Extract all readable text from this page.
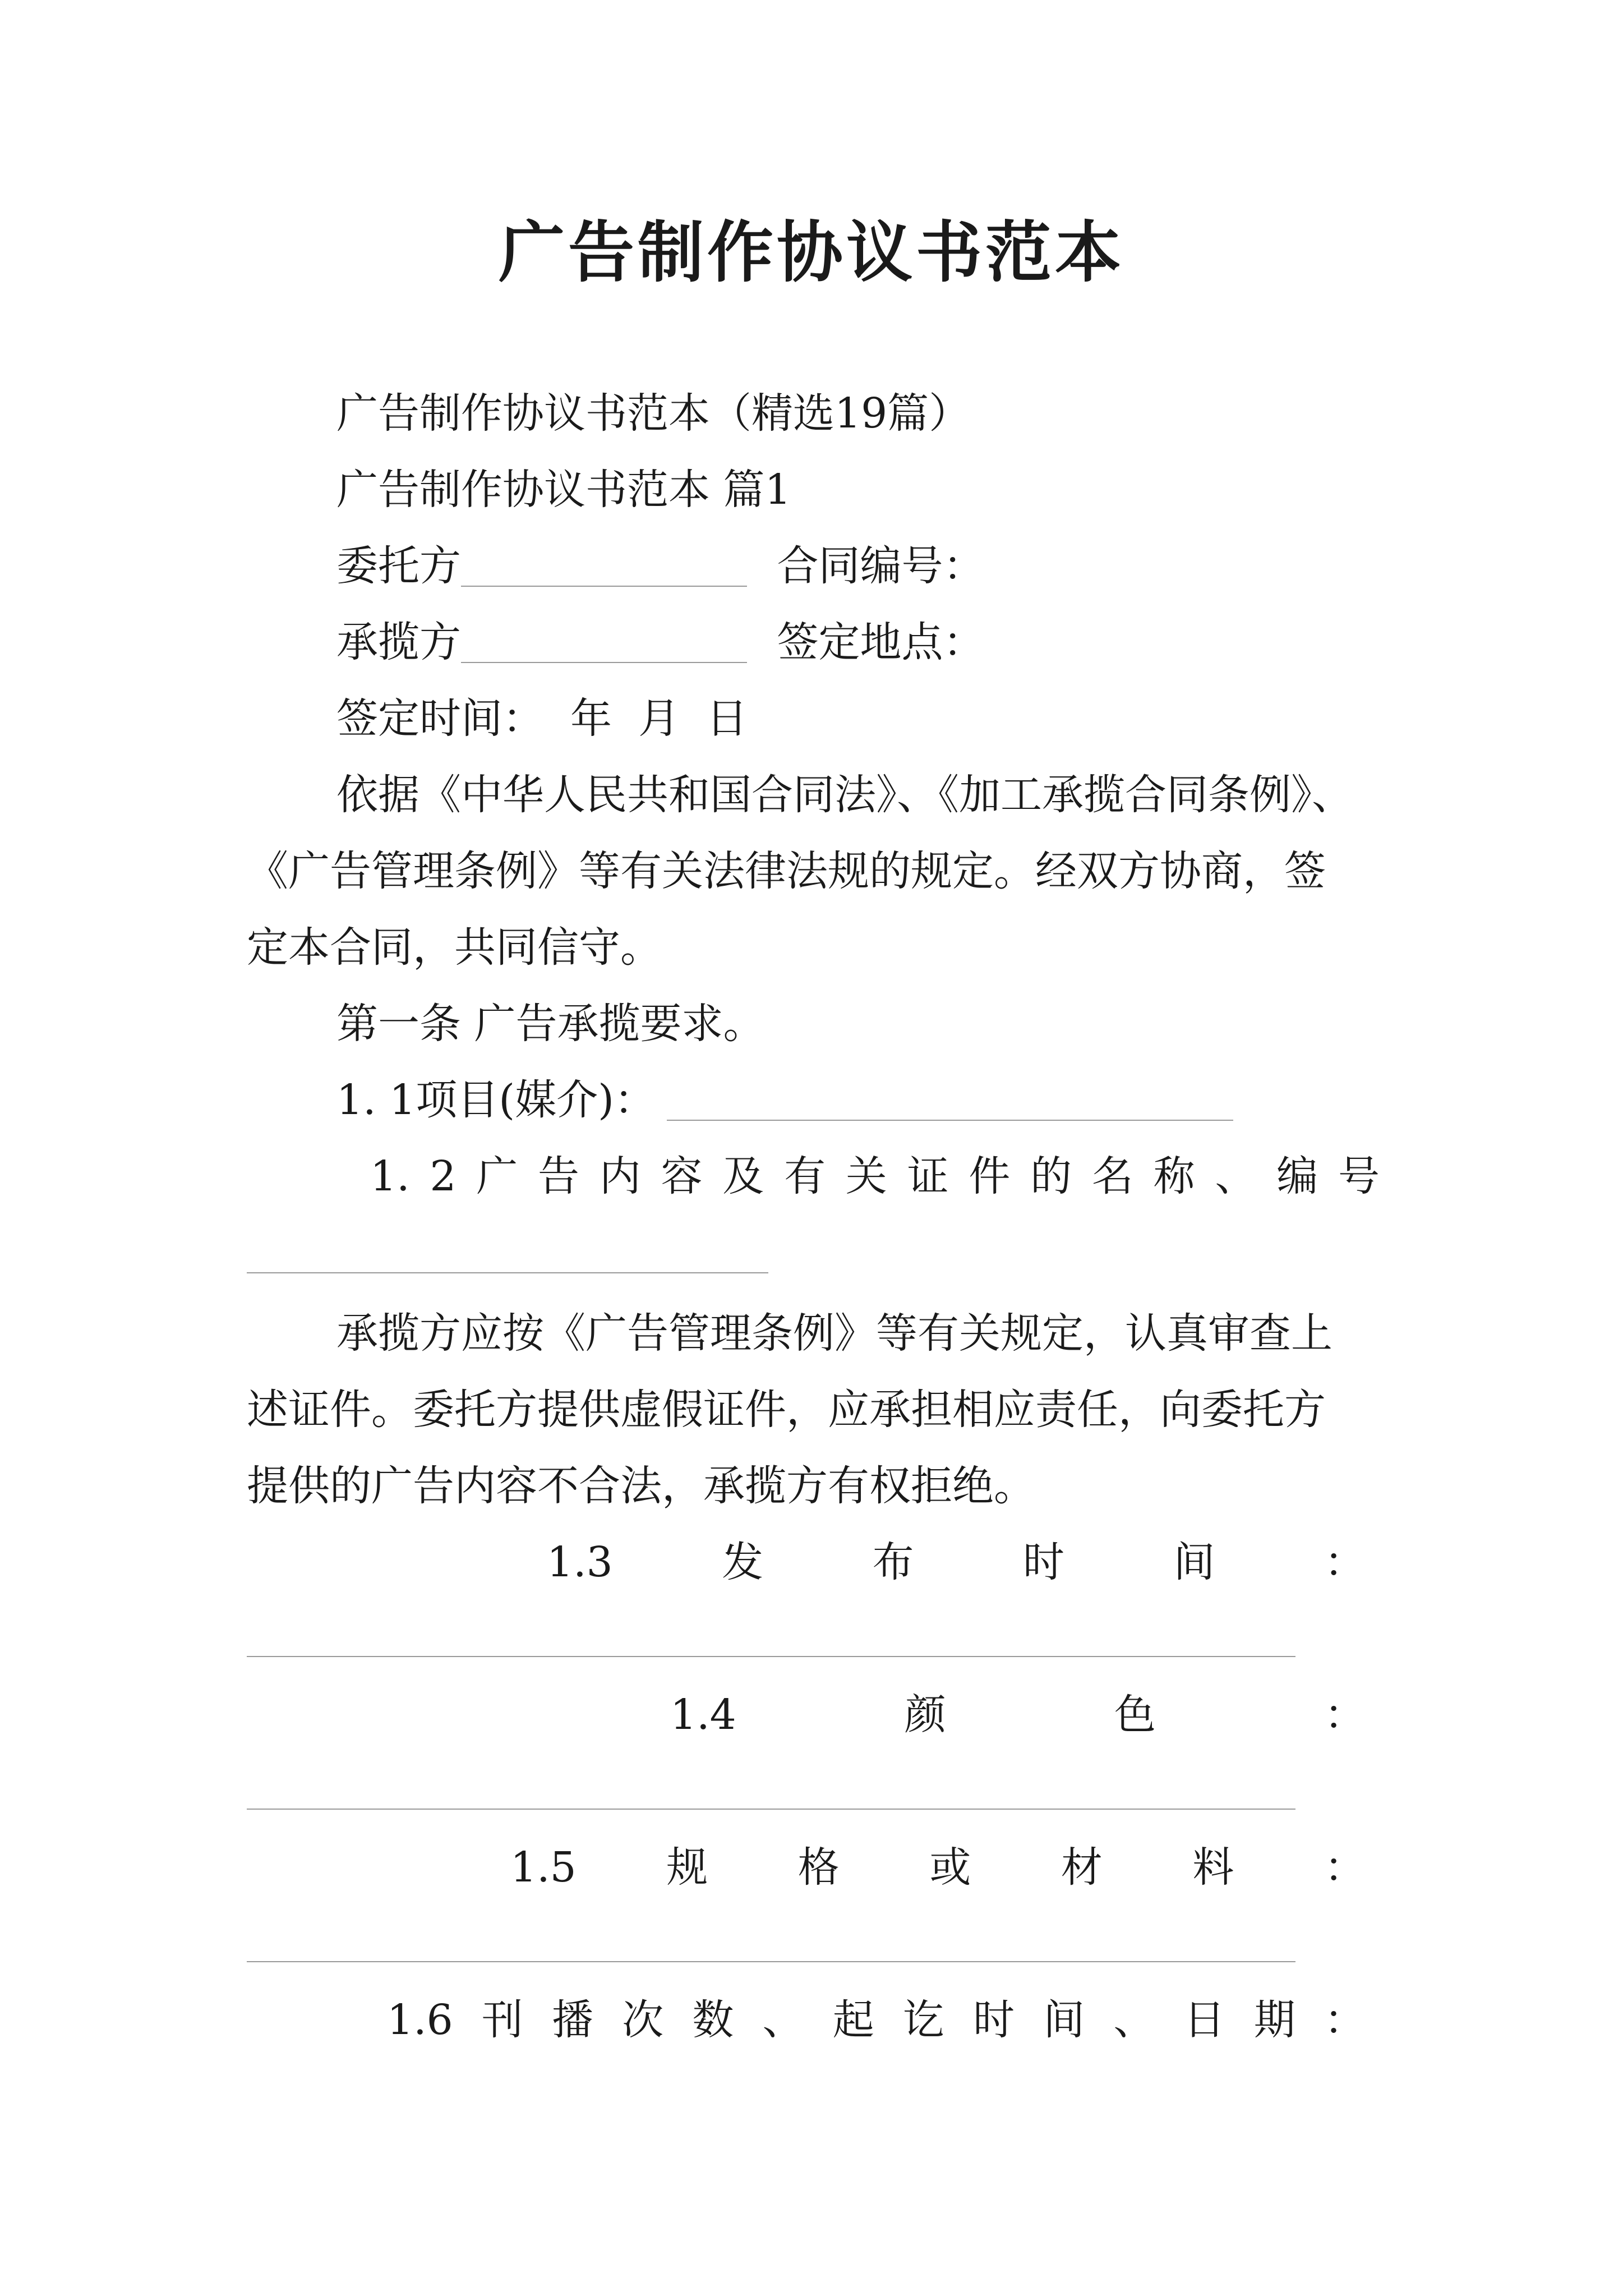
广告制作协议书范本
广告制作协议书范本（精选19篇）
广告制作协议书范本 篇1
委托方	合同编号：
承揽方	签定地点：
签定时间：  年  月  日
依据《中华人民共和国合同法》、《加工承揽合同条例》、
《广告管理条例》等有关法律法规的规定。经双方协商，签
定本合同，共同信守。
第一条 广告承揽要求。
1. 1项目(媒介)：
1. 2 广 告 内 容 及 有 关 证 件 的 名 称 、 编 号
承揽方应按《广告管理条例》等有关规定，认真审查上
述证件。委托方提供虚假证件，应承担相应责任，向委托方
提供的广告内容不合法，承揽方有权拒绝。
1.3	发	布	时	间	：
1.4	颜	色	：
1.5 规 格 或 材 料 ：
1.6 刊 播 次 数 、 起 讫 时 间 、 日 期 ：
